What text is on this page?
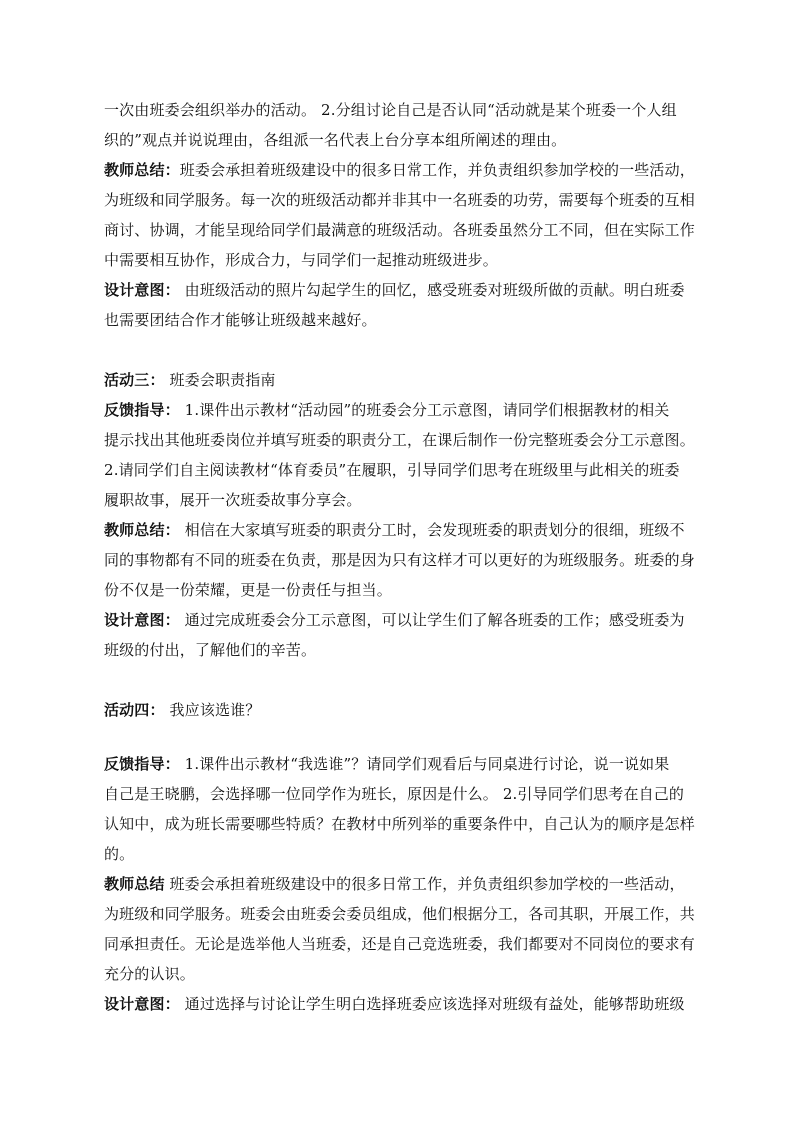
一次由班委会组织举办的活动。 2.分组讨论自己是否认同“活动就是某个班委一个人组
织的”观点并说说理由，各组派一名代表上台分享本组所阐述的理由。
教师总结：班委会承担着班级建设中的很多日常工作，并负责组织参加学校的一些活动，
为班级和同学服务。每一次的班级活动都并非其中一名班委的功劳，需要每个班委的互相
商讨、协调，才能呈现给同学们最满意的班级活动。各班委虽然分工不同，但在实际工作
中需要相互协作，形成合力，与同学们一起推动班级进步。
设计意图： 由班级活动的照片勾起学生的回忆，感受班委对班级所做的贡献。明白班委
也需要团结合作才能够让班级越来越好。
活动三： 班委会职责指南
反馈指导： 1.课件出示教材“活动园”的班委会分工示意图，请同学们根据教材的相关
提示找出其他班委岗位并填写班委的职责分工，在课后制作一份完整班委会分工示意图。
2.请同学们自主阅读教材“体育委员”在履职，引导同学们思考在班级里与此相关的班委
履职故事，展开一次班委故事分享会。
教师总结： 相信在大家填写班委的职责分工时，会发现班委的职责划分的很细，班级不
同的事物都有不同的班委在负责，那是因为只有这样才可以更好的为班级服务。班委的身
份不仅是一份荣耀，更是一份责任与担当。
设计意图： 通过完成班委会分工示意图，可以让学生们了解各班委的工作；感受班委为
班级的付出，了解他们的辛苦。
活动四： 我应该选谁？
反馈指导： 1.课件出示教材“我选谁”？请同学们观看后与同桌进行讨论，说一说如果
自己是王晓鹏，会选择哪一位同学作为班长，原因是什么。 2.引导同学们思考在自己的
认知中，成为班长需要哪些特质？在教材中所列举的重要条件中，自己认为的顺序是怎样
的。
教师总结 班委会承担着班级建设中的很多日常工作，并负责组织参加学校的一些活动，
为班级和同学服务。班委会由班委会委员组成，他们根据分工，各司其职，开展工作，共
同承担责任。无论是选举他人当班委，还是自己竞选班委，我们都要对不同岗位的要求有
充分的认识。
设计意图： 通过选择与讨论让学生明白选择班委应该选择对班级有益处，能够帮助班级
